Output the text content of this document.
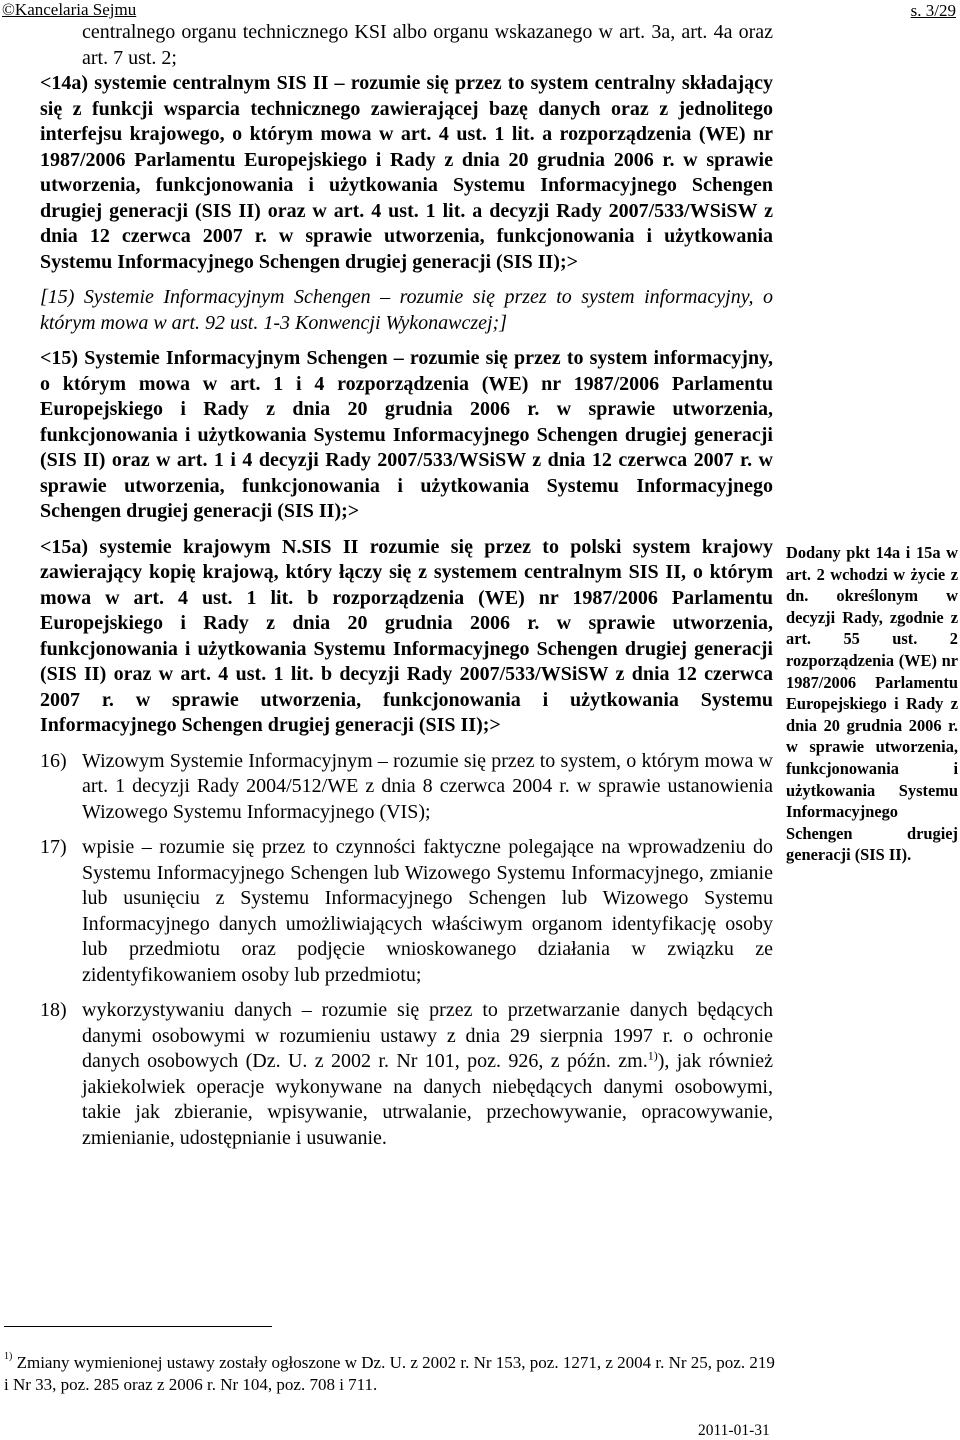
©Kancelaria Sejmu	s. 3/29

centralnego organu technicznego KSI albo organu wskazanego w art. 3a, art. 4a oraz art. 7 ust. 2;

<14a) systemie centralnym SIS II – rozumie się przez to system centralny składający się z funkcji wsparcia technicznego zawierającej bazę danych oraz z jednolitego interfejsu krajowego, o którym mowa w art. 4 ust. 1 lit. a rozporządzenia (WE) nr 1987/2006 Parlamentu Europejskiego i Rady z dnia 20 grudnia 2006 r. w sprawie utworzenia, funkcjonowania i użytkowania Systemu Informacyjnego Schengen drugiej generacji (SIS II) oraz w art. 4 ust. 1 lit. a decyzji Rady 2007/533/WSiSW z dnia 12 czerwca 2007 r. w sprawie utworzenia, funkcjonowania i użytkowania Systemu Informacyjnego Schengen drugiej generacji (SIS II);>

[15) Systemie Informacyjnym Schengen – rozumie się przez to system informacyjny, o którym mowa w art. 92 ust. 1-3 Konwencji Wykonawczej;]

<15) Systemie Informacyjnym Schengen – rozumie się przez to system informacyjny, o którym mowa w art. 1 i 4 rozporządzenia (WE) nr 1987/2006 Parlamentu Europejskiego i Rady z dnia 20 grudnia 2006 r. w sprawie utworzenia, funkcjonowania i użytkowania Systemu Informacyjnego Schengen drugiej generacji (SIS II) oraz w art. 1 i 4 decyzji Rady 2007/533/WSiSW z dnia 12 czerwca 2007 r. w sprawie utworzenia, funkcjonowania i użytkowania Systemu Informacyjnego Schengen drugiej generacji (SIS II);>

<15a) systemie krajowym N.SIS II rozumie się przez to polski system krajowy zawierający kopię krajową, który łączy się z systemem centralnym SIS II, o którym mowa w art. 4 ust. 1 lit. b rozporządzenia (WE) nr 1987/2006 Parlamentu Europejskiego i Rady z dnia 20 grudnia 2006 r. w sprawie utworzenia, funkcjonowania i użytkowania Systemu Informacyjnego Schengen drugiej generacji (SIS II) oraz w art. 4 ust. 1 lit. b decyzji Rady 2007/533/WSiSW z dnia 12 czerwca 2007 r. w sprawie utworzenia, funkcjonowania i użytkowania Systemu Informacyjnego Schengen drugiej generacji (SIS II);>

16) Wizowym Systemie Informacyjnym – rozumie się przez to system, o którym mowa w art. 1 decyzji Rady 2004/512/WE z dnia 8 czerwca 2004 r. w sprawie ustanowienia Wizowego Systemu Informacyjnego (VIS);
17) wpisie – rozumie się przez to czynności faktyczne polegające na wprowadzeniu do Systemu Informacyjnego Schengen lub Wizowego Systemu Informacyjnego, zmianie lub usunięciu z Systemu Informacyjnego Schengen lub Wizowego Systemu Informacyjnego danych umożliwiających właściwym organom identyfikację osoby lub przedmiotu oraz podjęcie wnioskowanego działania w związku ze zidentyfikowaniem osoby lub przedmiotu;
18) wykorzystywaniu danych – rozumie się przez to przetwarzanie danych będących danymi osobowymi w rozumieniu ustawy z dnia 29 sierpnia 1997 r. o ochronie danych osobowych (Dz. U. z 2002 r. Nr 101, poz. 926, z późn. zm.$^{1)}$), jak również jakiekolwiek operacje wykonywane na danych niebędących danymi osobowymi, takie jak zbieranie, wpisywanie, utrwalanie, przechowywanie, opracowywanie, zmienianie, udostępnianie i usuwanie.
Dodany pkt 14a i 15a w art. 2 wchodzi w życie z dn. określonym w decyzji Rady, zgodnie z art. 55 ust. 2 rozporządzenia (WE) nr 1987/2006 Parlamentu Europejskiego i Rady z dnia 20 grudnia 2006 r. w sprawie utworzenia, funkcjonowania i użytkowania Systemu Informacyjnego Schengen drugiej generacji (SIS II).
$^{1)}$ Zmiany wymienionej ustawy zostały ogłoszone w Dz. U. z 2002 r. Nr 153, poz. 1271, z 2004 r. Nr 25, poz. 219 i Nr 33, poz. 285 oraz z 2006 r. Nr 104, poz. 708 i 711.
2011-01-31
